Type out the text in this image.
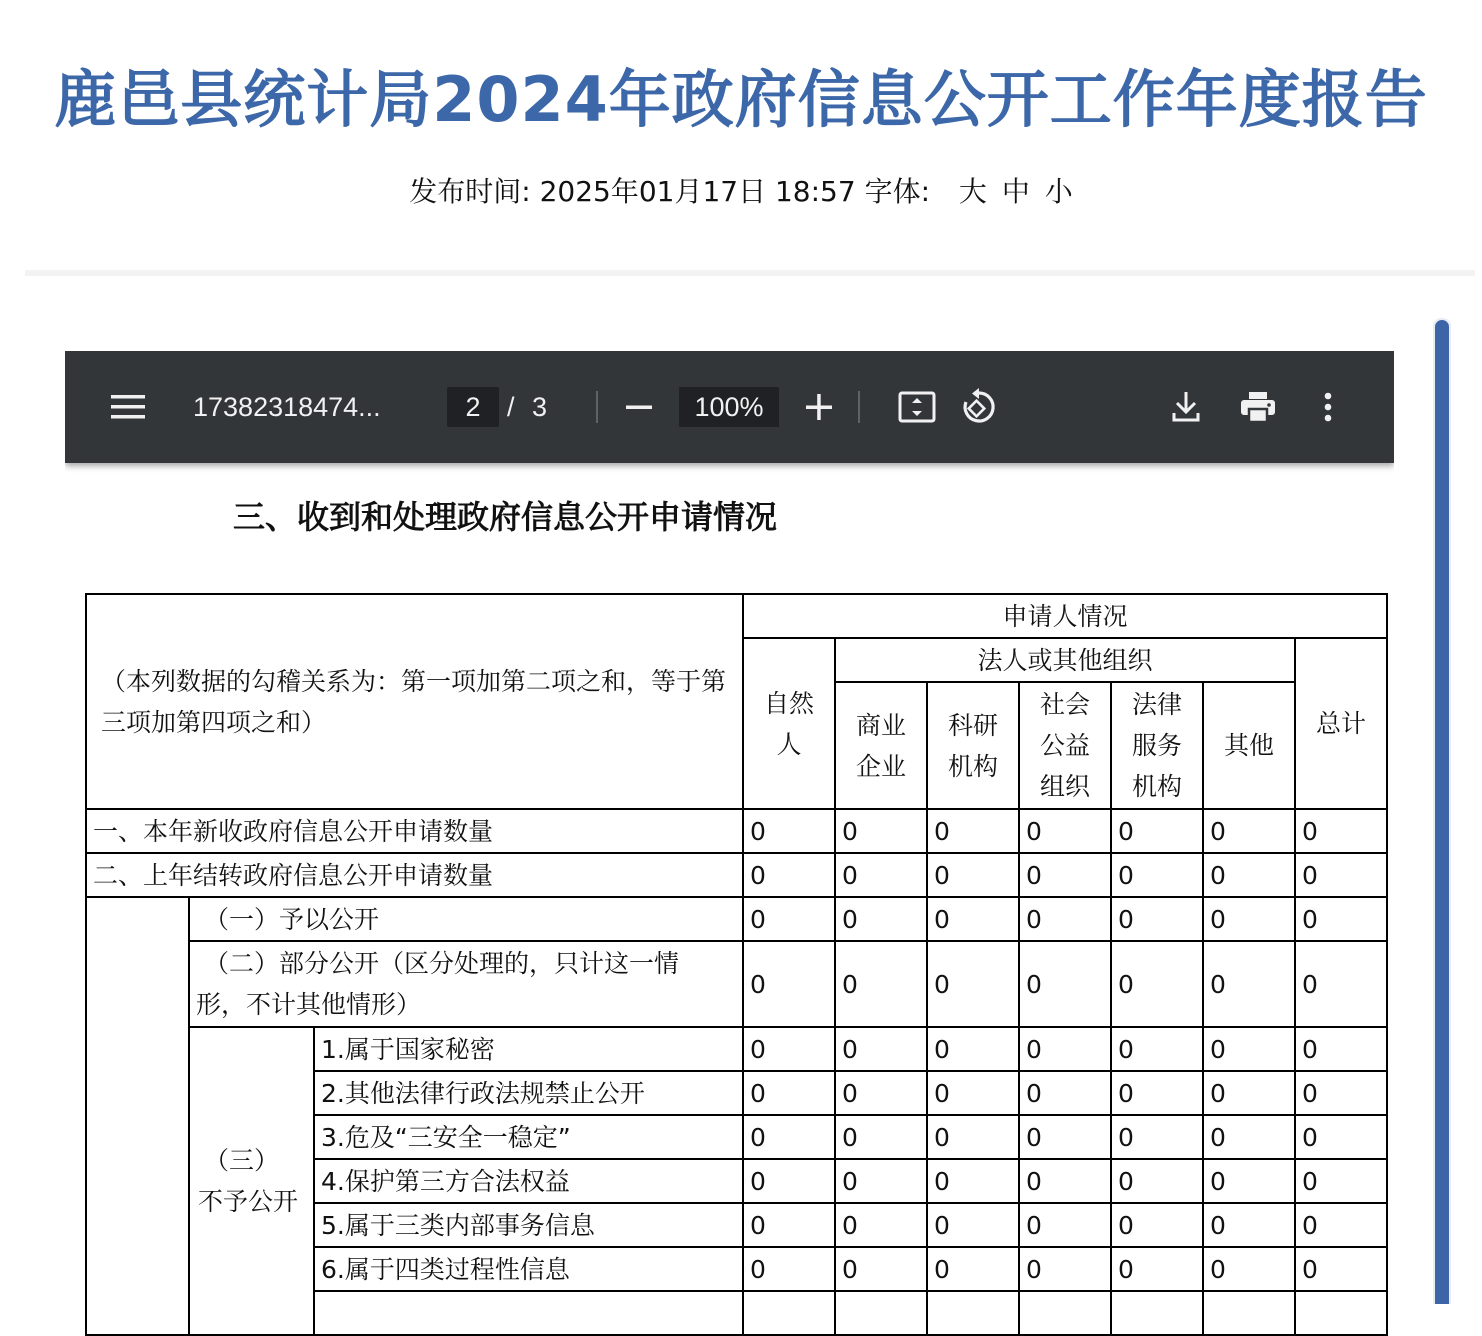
鹿邑县统计局2024年政府信息公开工作年度报告
发布时间: 2025年01月17日 18:57 字体: 大 中 小
17382318474...	2 / 3	100%
三、收到和处理政府信息公开申请情况
（本列数据的勾稽关系为：第一项加第二项之和，等于第三项加第四项之和）			申请人情况						
			自然人	法人或其他组织					总计
				商业企业	科研机构	社会公益组织	法律服务机构	其他	
一、本年新收政府信息公开申请数量			0	0	0	0	0	0	0
二、上年结转政府信息公开申请数量			0	0	0	0	0	0	0
	（一）予以公开		0	0	0	0	0	0	0
	（二）部分公开（区分处理的，只计这一情形，不计其他情形）		0	0	0	0	0	0	0
	（三）不予公开	1.属于国家秘密	0	0	0	0	0	0	0
		2.其他法律行政法规禁止公开	0	0	0	0	0	0	0
		3.危及“三安全一稳定”	0	0	0	0	0	0	0
		4.保护第三方合法权益	0	0	0	0	0	0	0
		5.属于三类内部事务信息	0	0	0	0	0	0	0
		6.属于四类过程性信息	0	0	0	0	0	0	0
